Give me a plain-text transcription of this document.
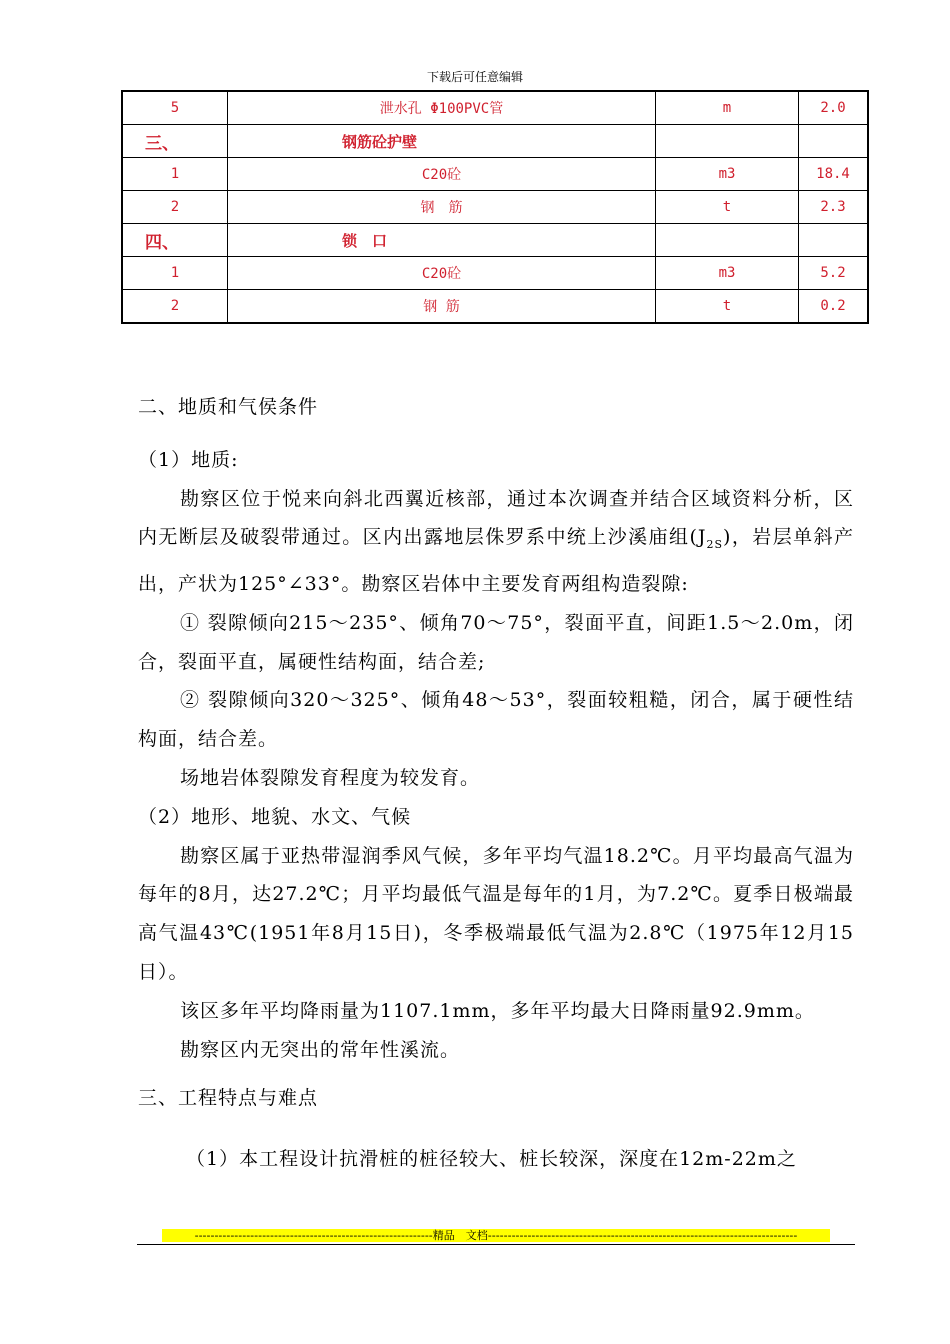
下载后可任意编辑
5	泄水孔 Φ100PVC管	m	2.0
三、	钢筋砼护壁		
1	C20砼	m3	18.4
2	钢　筋	t	2.3
四、	锁　口		
1	C20砼	m3	5.2
2	钢 筋	t	0.2

二、地质和气侯条件

（1）地质:

勘察区位于悦来向斜北西翼近核部，通过本次调查并结合区域资料分析，区内无断层及破裂带通过。区内出露地层侏罗系中统上沙溪庙组$(J_{2S})$，岩层单斜产出，产状为125°∠33°。勘察区岩体中主要发育两组构造裂隙:

① 裂隙倾向215～235°、倾角70～75°，裂面平直，间距1.5～2.0m，闭合，裂面平直，属硬性结构面，结合差;

② 裂隙倾向320～325°、倾角48～53°，裂面较粗糙，闭合，属于硬性结构面，结合差。

场地岩体裂隙发育程度为较发育。

（2）地形、地貌、水文、气候

勘察区属于亚热带湿润季风气候，多年平均气温18.2℃。月平均最高气温为每年的8月，达27.2℃；月平均最低气温是每年的1月，为7.2℃。夏季日极端最高气温43℃(1951年8月15日)，冬季极端最低气温为2.8℃（1975年12月15日）。

该区多年平均降雨量为1107.1mm，多年平均最大日降雨量92.9mm。

勘察区内无突出的常年性溪流。

三、工程特点与难点

（1）本工程设计抗滑桩的桩径较大、桩长较深，深度在12m-22m之

------------------------------------------------------------精品　文档------------------------------------------------------------------------------
